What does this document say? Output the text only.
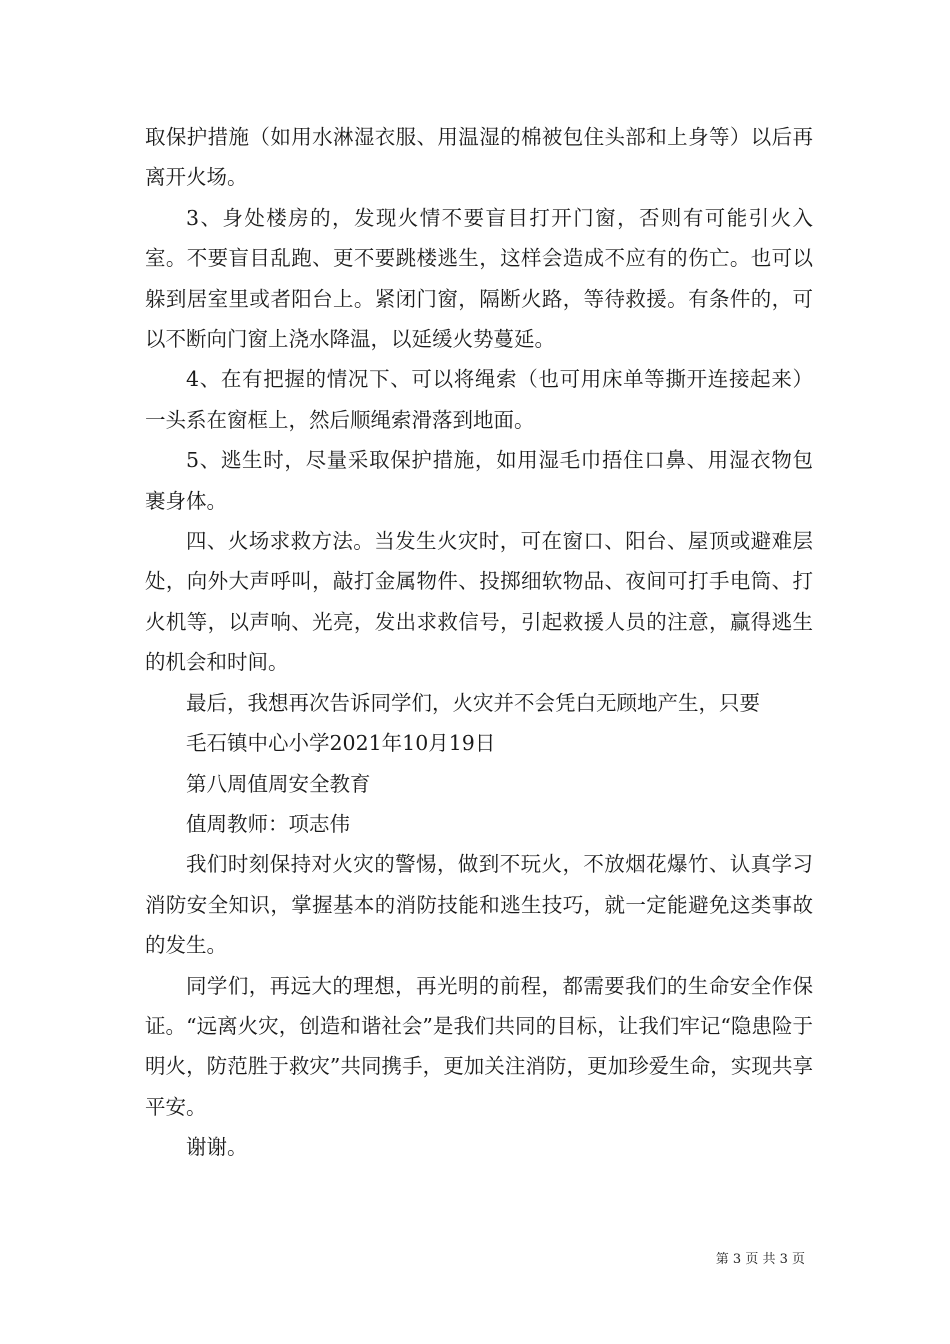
取保护措施（如用水淋湿衣服、用温湿的棉被包住头部和上身等）以后再离开火场。

3、身处楼房的，发现火情不要盲目打开门窗，否则有可能引火入室。不要盲目乱跑、更不要跳楼逃生，这样会造成不应有的伤亡。也可以躲到居室里或者阳台上。紧闭门窗，隔断火路，等待救援。有条件的，可以不断向门窗上浇水降温，以延缓火势蔓延。

4、在有把握的情况下、可以将绳索（也可用床单等撕开连接起来）一头系在窗框上，然后顺绳索滑落到地面。

5、逃生时，尽量采取保护措施，如用湿毛巾捂住口鼻、用湿衣物包裹身体。

四、火场求救方法。当发生火灾时，可在窗口、阳台、屋顶或避难层处，向外大声呼叫，敲打金属物件、投掷细软物品、夜间可打手电筒、打火机等，以声响、光亮，发出求救信号，引起救援人员的注意，赢得逃生的机会和时间。

最后，我想再次告诉同学们，火灾并不会凭白无顾地产生，只要

毛石镇中心小学2021年10月19日

第八周值周安全教育

值周教师：项志伟

我们时刻保持对火灾的警惕，做到不玩火，不放烟花爆竹、认真学习消防安全知识，掌握基本的消防技能和逃生技巧，就一定能避免这类事故的发生。

同学们，再远大的理想，再光明的前程，都需要我们的生命安全作保证。“远离火灾，创造和谐社会”是我们共同的目标，让我们牢记“隐患险于明火，防范胜于救灾”共同携手，更加关注消防，更加珍爱生命，实现共享平安。

谢谢。

第 3 页 共 3 页
